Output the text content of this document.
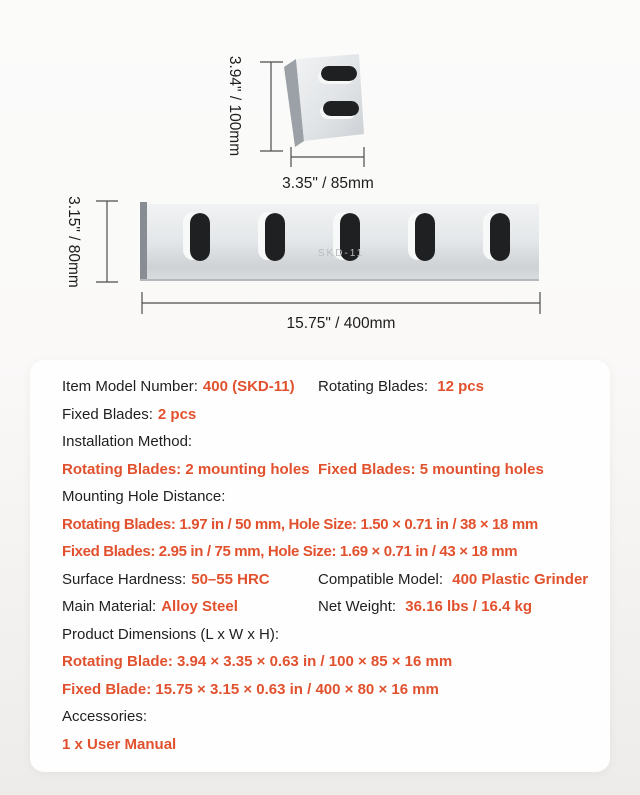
3.94" / 100mm
3.35" / 85mm
SKD-11
3.15" / 80mm
15.75" / 400mm
Item Model Number: 400 (SKD-11) Rotating Blades: 12 pcs
Fixed Blades: 2 pcs
Installation Method:
Rotating Blades: 2 mounting holes Fixed Blades: 5 mounting holes
Mounting Hole Distance:
Rotating Blades: 1.97 in / 50 mm, Hole Size: 1.50 × 0.71 in / 38 × 18 mm
Fixed Blades: 2.95 in / 75 mm, Hole Size: 1.69 × 0.71 in / 43 × 18 mm
Surface Hardness: 50–55 HRC	Compatible Model: 400 Plastic Grinder
Main Material: Alloy Steel	Net Weight: 36.16 lbs / 16.4 kg
Product Dimensions (L x W x H):
Rotating Blade: 3.94 × 3.35 × 0.63 in / 100 × 85 × 16 mm
Fixed Blade: 15.75 × 3.15 × 0.63 in / 400 × 80 × 16 mm
Accessories:
1 x User Manual
